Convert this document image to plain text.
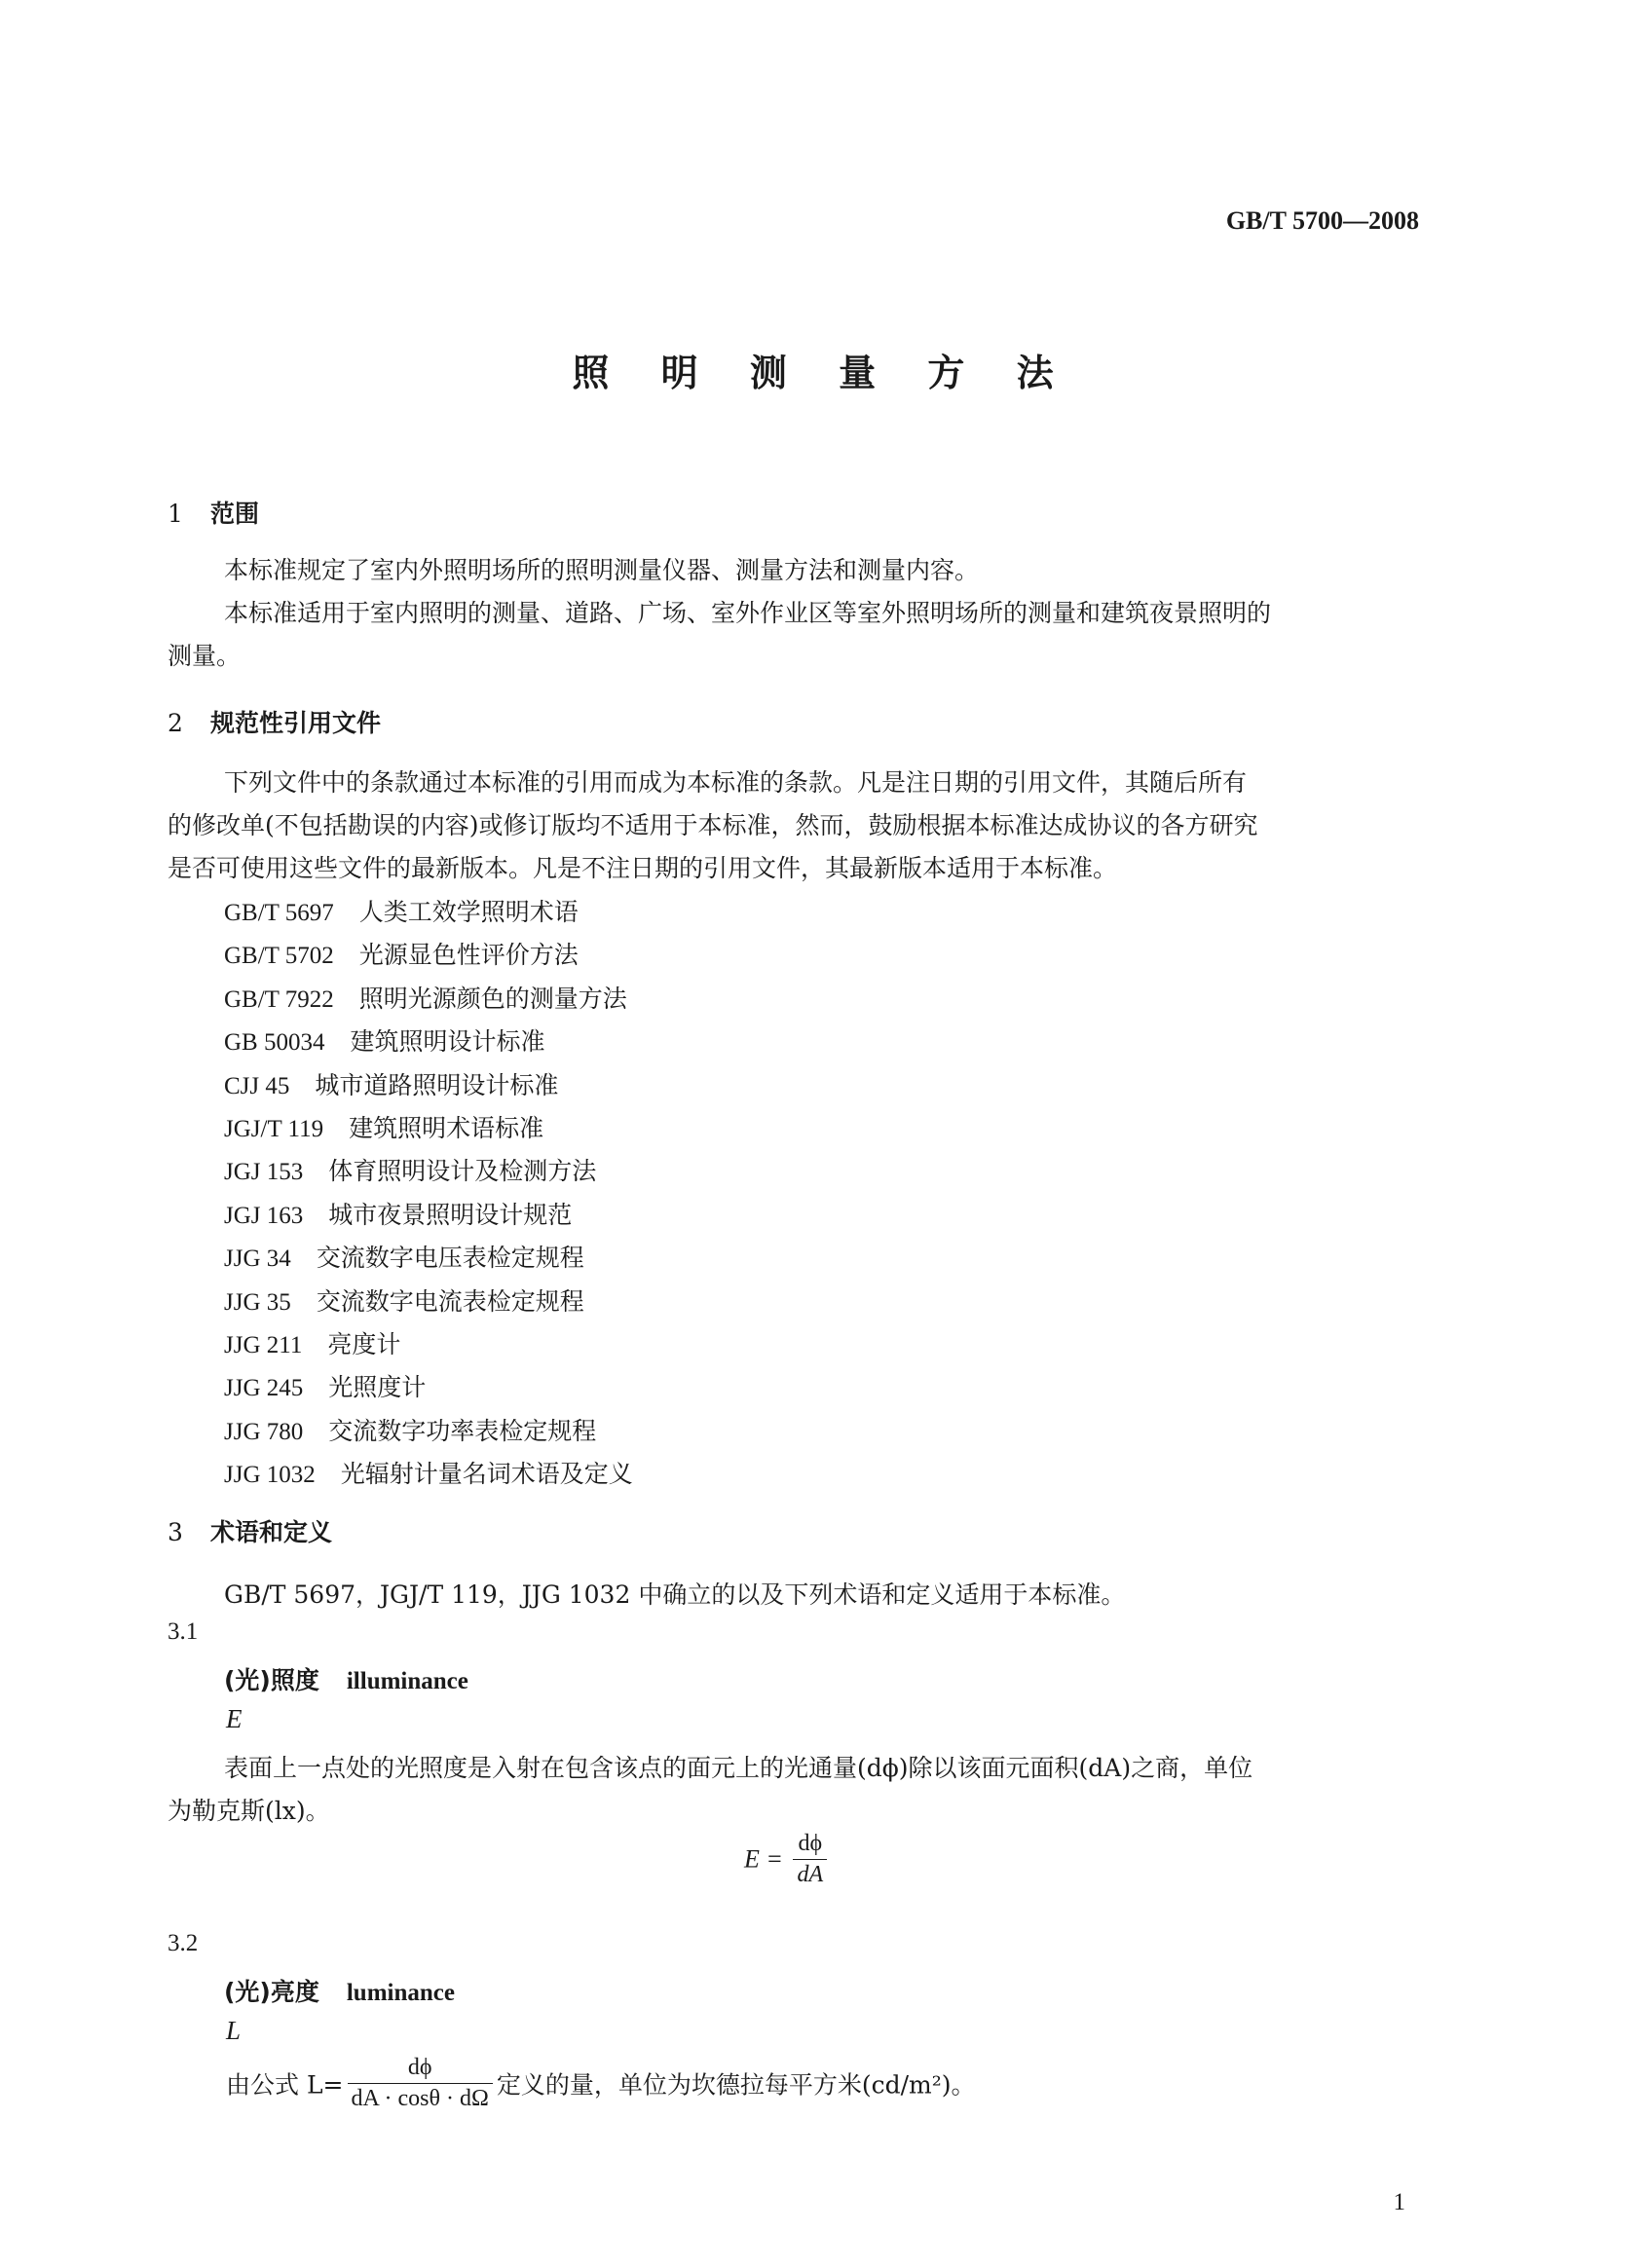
GB/T 5700—2008
照 明 测 量 方 法
1 范围
本标准规定了室内外照明场所的照明测量仪器、测量方法和测量内容。
本标准适用于室内照明的测量、道路、广场、室外作业区等室外照明场所的测量和建筑夜景照明的
测量。
2 规范性引用文件
下列文件中的条款通过本标准的引用而成为本标准的条款。凡是注日期的引用文件，其随后所有
的修改单(不包括勘误的内容)或修订版均不适用于本标准，然而，鼓励根据本标准达成协议的各方研究
是否可使用这些文件的最新版本。凡是不注日期的引用文件，其最新版本适用于本标准。
GB/T 5697 人类工效学照明术语
GB/T 5702 光源显色性评价方法
GB/T 7922 照明光源颜色的测量方法
GB 50034 建筑照明设计标准
CJJ 45 城市道路照明设计标准
JGJ/T 119 建筑照明术语标准
JGJ 153 体育照明设计及检测方法
JGJ 163 城市夜景照明设计规范
JJG 34 交流数字电压表检定规程
JJG 35 交流数字电流表检定规程
JJG 211 亮度计
JJG 245 光照度计
JJG 780 交流数字功率表检定规程
JJG 1032 光辐射计量名词术语及定义
3 术语和定义
GB/T 5697，JGJ/T 119，JJG 1032 中确立的以及下列术语和定义适用于本标准。
3.1
(光)照度 illuminance
E
表面上一点处的光照度是入射在包含该点的面元上的光通量(dϕ)除以该面元面积(dA)之商，单位
为勒克斯(lx)。
$E = \frac{d\phi}{dA}$
3.2
(光)亮度 luminance
L
由公式 $L= \frac{d\phi}{dA \cdot \cos\theta \cdot d\Omega}$ 定义的量，单位为坎德拉每平方米(cd/m²)。
1
